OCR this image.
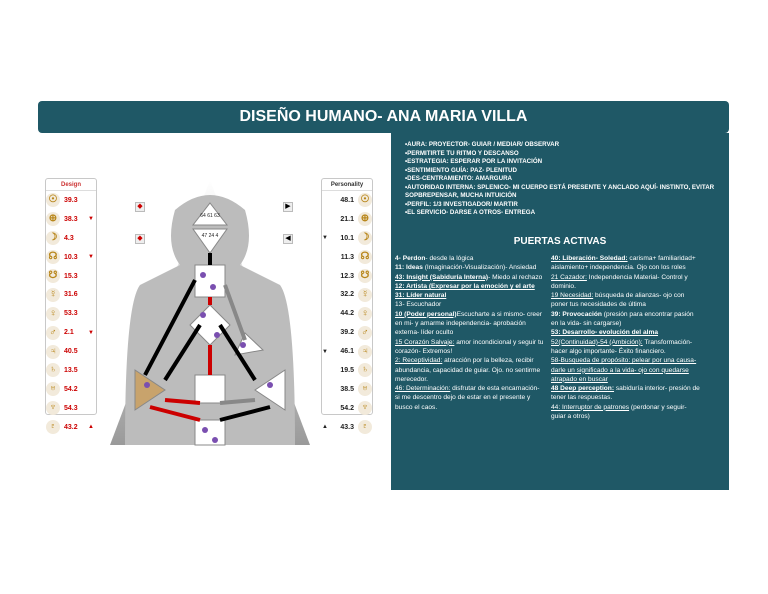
DISEÑO HUMANO- ANA MARIA VILLA
Design
☉ 39.3
⊕ 38.3	▼
☽ 4.3
☊ 10.3	▼
☋ 15.3
☿	31.6
♀	53.3
♂	2.1	▼
♃	40.5
♄	13.5
♅	54.2
♆	54.3
♇	43.2	▲
Personality
48.1 ☉
21.1 ⊕
▼	10.1 ☽
11.3 ☊
12.3 ☋
32.2 ☿
44.2 ♀
39.2 ♂
▼	46.1 ♃
19.5 ♄
38.5 ♅
54.2 ♆
▲	43.3 ♇
◆
◆
▶
◀
64 61 63
47 24 4
•AURA: PROYECTOR- GUIAR / MEDIAR/ OBSERVAR
•PERMITIRTE TU RITMO Y DESCANSO
•ESTRATEGIA: ESPERAR POR LA INVITACIÓN
•SENTIMIENTO GUÍA: PAZ- PLENITUD
•DES-CENTRAMIENTO: AMARGURA
•AUTORIDAD INTERNA: SPLENICO- MI CUERPO ESTÁ PRESENTE Y ANCLADO AQUÍ- INSTINTO, EVITAR SOPBREPENSAR, MUCHA INTUICIÓN
•PERFIL: 1/3 INVESTIGADOR/ MARTIR
•EL SERVICIO- DARSE A OTROS- ENTREGA
PUERTAS ACTIVAS
4- Perdon- desde la lógica
11: Ideas (Imaginación-Visualización)- Ansiedad
43: Insight (Sabiduría Interna)- Miedo al rechazo
12: Artista (Expresar por la emoción y el arte
31: Líder natural
13- Escuchador
10 (Poder personal)Escucharte a si mismo- creer en mi- y amarme independencia- aprobación externa- líder oculto
15 Corazón Salvaje: amor incondicional y seguir tu corazón- Extremos!
2: Receptividad: atracción por la belleza, recibir abundancia, capacidad de guiar. Ojo. no sentirme merecedor.
46: Determinación: disfrutar de esta encarnación- si me descentro dejo de estar en el presente y busco el caos.
40: Liberación- Soledad: carisma+ familiaridad+ aislamiento+ independencia. Ojo con los roles
21 Cazador: Independencia Material- Control y dominio.
19 Necesidad: búsqueda de alianzas- ojo con poner tus necesidades de última
39: Provocación (presión para encontrar pasión en la vida- sin cargarse)
53: Desarrollo- evolución del alma
52(Continuidad)-54 (Ambición): Transformación- hacer algo importante- Éxito financiero.
58-Busqueda de propósito: pelear por una causa- darle un significado a la vida- ojo con quedarse atrapado en buscar
48 Deep perception: sabiduría interior- presión de tener las respuestas.
44: Interruptor de patrones (perdonar y seguir-guiar a otros)
